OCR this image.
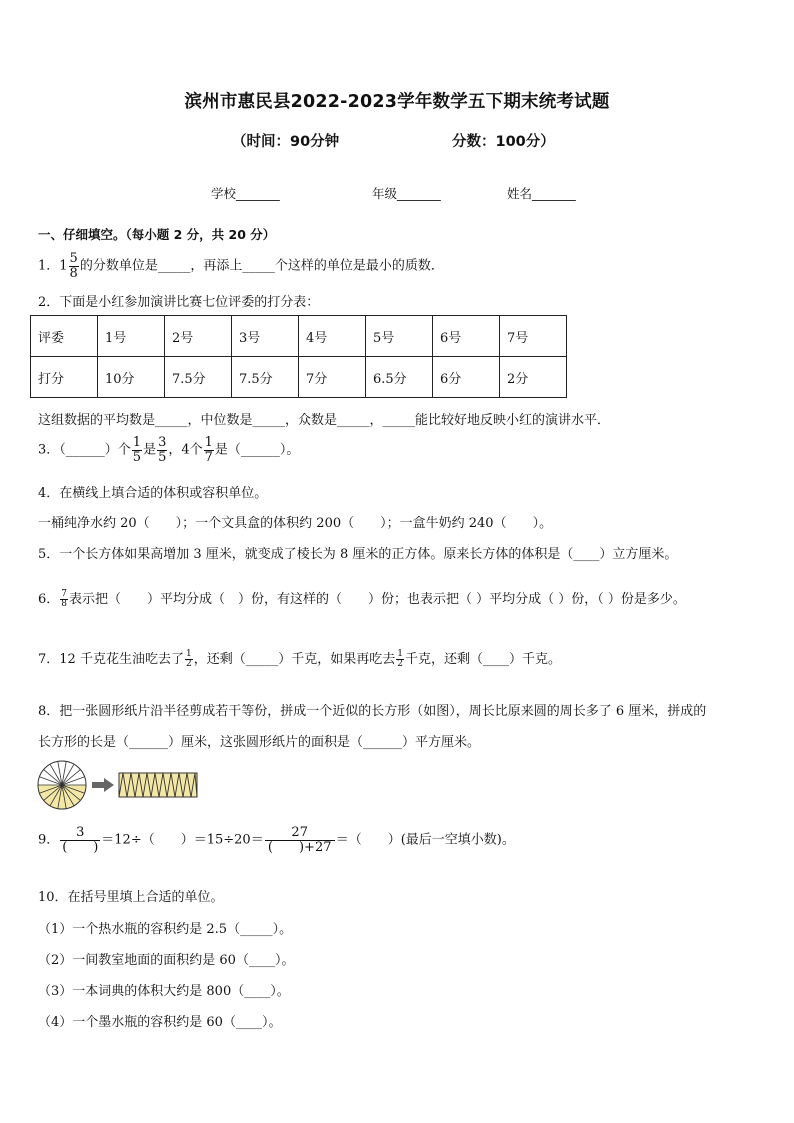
滨州市惠民县2022-2023学年数学五下期末统考试题
（时间：90分钟	分数：100分）
学校_______	年级_______	姓名_______
一、仔细填空。（每小题 2 分，共 20 分）
1．$1 \frac{5}{8}$ 的分数单位是_____，再添上_____个这样的单位是最小的质数．
2．下面是小红参加演讲比赛七位评委的打分表：
评委	1号	2号	3号	4号	5号	6号	7号
打分	10分	7.5分	7.5分	7分	6.5分	6分	2分
这组数据的平均数是_____，中位数是_____，众数是_____，_____能比较好地反映小红的演讲水平．
3．（______）个 $\frac{1}{5}$ 是 $\frac{3}{5}$ ，4个 $\frac{1}{7}$ 是（______）。
4．在横线上填合适的体积或容积单位。
一桶纯净水约 20（　　）；一个文具盒的体积约 200（　　）；一盒牛奶约 240（　　）。
5．一个长方体如果高增加 3 厘米，就变成了棱长为 8 厘米的正方体。原来长方体的体积是（____）立方厘米。
6． $\frac{7}{8}$ 表示把（　　）平均分成（　）份，有这样的（　　）份；也表示把（ ）平均分成（ ）份，（ ）份是多少。
7．12 千克花生油吃去了 $\frac{1}{2}$ ，还剩（_____）千克，如果再吃去 $\frac{1}{2}$ 千克，还剩（____）千克。
8．把一张圆形纸片沿半径剪成若干等份，拼成一个近似的长方形（如图），周长比原来圆的周长多了 6 厘米，拼成的
长方形的长是（______）厘米，这张圆形纸片的面积是（______）平方厘米。
9． $\frac{3}{( )} =12\div$（　　）$=15\div 20= \frac{27}{( )+27}$ ＝（　　）(最后一空填小数)。
10．在括号里填上合适的单位。
（1）一个热水瓶的容积约是 2.5（_____）。
（2）一间教室地面的面积约是 60（____）。
（3）一本词典的体积大约是 800（____）。
（4）一个墨水瓶的容积约是 60（____）。
